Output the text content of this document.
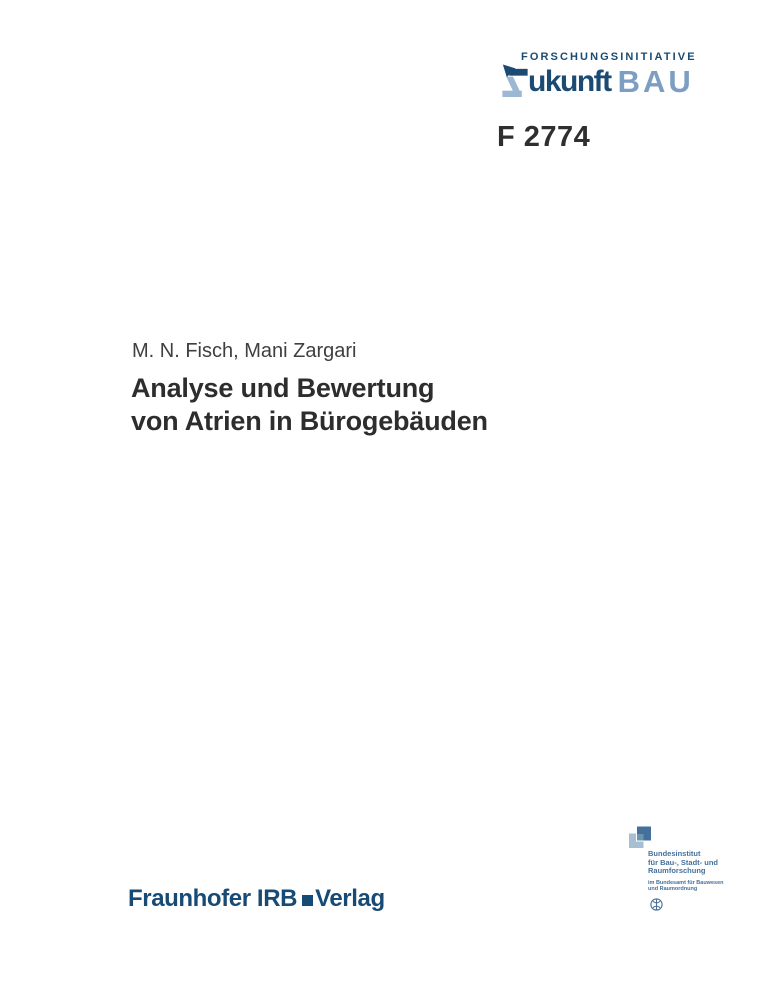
FORSCHUNGSINITIATIVE
ukunft BAU
F 2774
M. N. Fisch, Mani Zargari
Analyse und Bewertung
von Atrien in Bürogebäuden
Bundesinstitut
für Bau-, Stadt- und
Raumforschung
im Bundesamt für Bauwesen
und Raumordnung
Fraunhofer IRB Verlag
